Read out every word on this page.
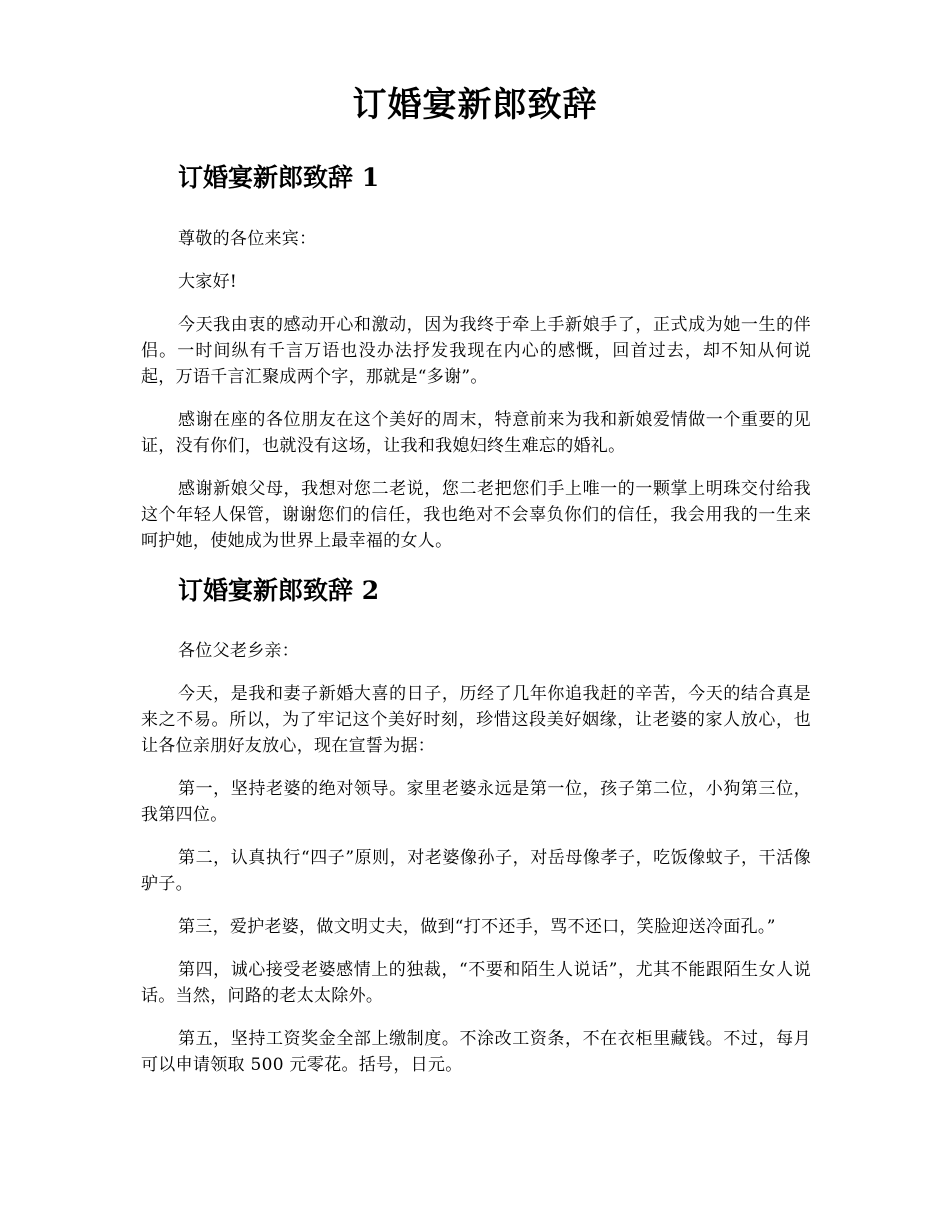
订婚宴新郎致辞
订婚宴新郎致辞 1

尊敬的各位来宾：

大家好!

今天我由衷的感动开心和激动，因为我终于牵上手新娘手了，正式成为她一生的伴侣。一时间纵有千言万语也没办法抒发我现在内心的感慨，回首过去，却不知从何说起，万语千言汇聚成两个字，那就是“多谢”。

感谢在座的各位朋友在这个美好的周末，特意前来为我和新娘爱情做一个重要的见证，没有你们，也就没有这场，让我和我媳妇终生难忘的婚礼。

感谢新娘父母，我想对您二老说，您二老把您们手上唯一的一颗掌上明珠交付给我这个年轻人保管，谢谢您们的信任，我也绝对不会辜负你们的信任，我会用我的一生来呵护她，使她成为世界上最幸福的女人。

订婚宴新郎致辞 2

各位父老乡亲：

今天，是我和妻子新婚大喜的日子，历经了几年你追我赶的辛苦，今天的结合真是来之不易。所以，为了牢记这个美好时刻，珍惜这段美好姻缘，让老婆的家人放心，也让各位亲朋好友放心，现在宣誓为据：

第一，坚持老婆的绝对领导。家里老婆永远是第一位，孩子第二位，小狗第三位，我第四位。

第二，认真执行“四子”原则，对老婆像孙子，对岳母像孝子，吃饭像蚊子，干活像驴子。

第三，爱护老婆，做文明丈夫，做到“打不还手，骂不还口，笑脸迎送冷面孔。”

第四，诚心接受老婆感情上的独裁，“不要和陌生人说话”，尤其不能跟陌生女人说话。当然，问路的老太太除外。

第五，坚持工资奖金全部上缴制度。不涂改工资条，不在衣柜里藏钱。不过，每月可以申请领取 500 元零花。括号，日元。
